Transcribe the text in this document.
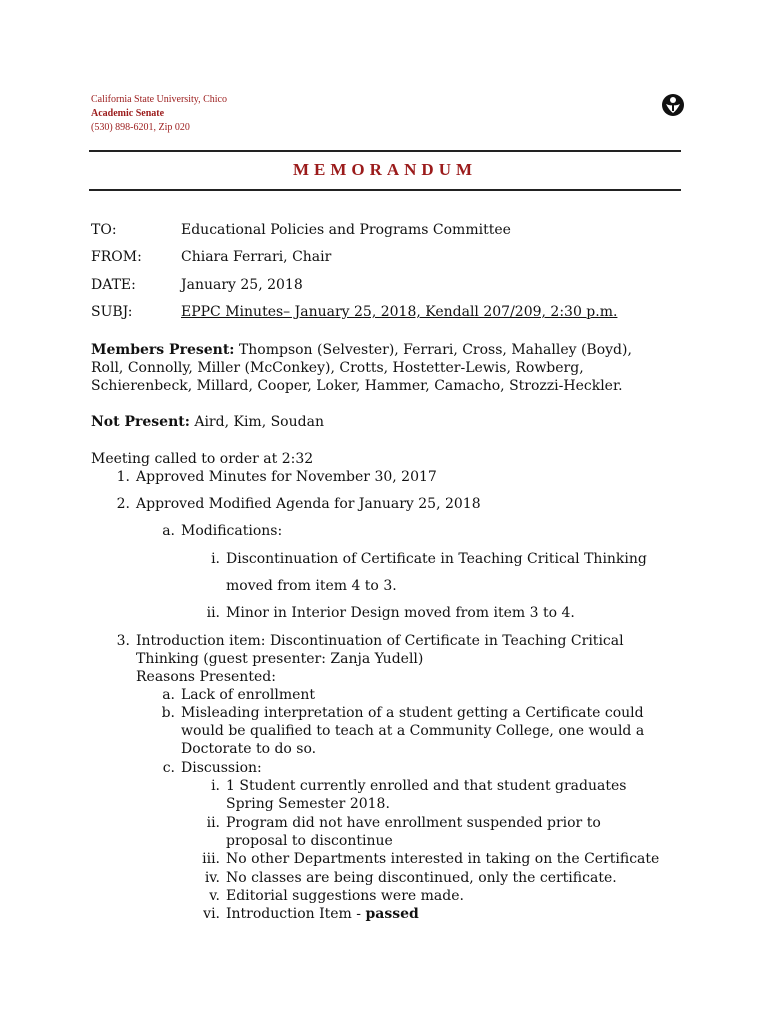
California State University, Chico
Academic Senate
(530) 898-6201, Zip 020
MEMORANDUM
TO:	Educational Policies and Programs Committee
FROM:	Chiara Ferrari, Chair
DATE:	January 25, 2018
SUBJ:	EPPC Minutes– January 25, 2018, Kendall 207/209, 2:30 p.m.
Members Present: Thompson (Selvester), Ferrari, Cross, Mahalley (Boyd),
Roll, Connolly, Miller (McConkey), Crotts, Hostetter-Lewis, Rowberg,
Schierenbeck, Millard, Cooper, Loker, Hammer, Camacho, Strozzi-Heckler.
Not Present: Aird, Kim, Soudan
Meeting called to order at 2:32
1. Approved Minutes for November 30, 2017
2. Approved Modified Agenda for January 25, 2018
a. Modifications:
i. Discontinuation of Certificate in Teaching Critical Thinking
moved from item 4 to 3.
ii. Minor in Interior Design moved from item 3 to 4.
3. Introduction item: Discontinuation of Certificate in Teaching Critical
Thinking (guest presenter: Zanja Yudell)
Reasons Presented:
a. Lack of enrollment
b. Misleading interpretation of a student getting a Certificate could
would be qualified to teach at a Community College, one would a
Doctorate to do so.
c. Discussion:
i. 1 Student currently enrolled and that student graduates
Spring Semester 2018.
ii. Program did not have enrollment suspended prior to
proposal to discontinue
iii. No other Departments interested in taking on the Certificate
iv. No classes are being discontinued, only the certificate.
v. Editorial suggestions were made.
vi. Introduction Item - passed
